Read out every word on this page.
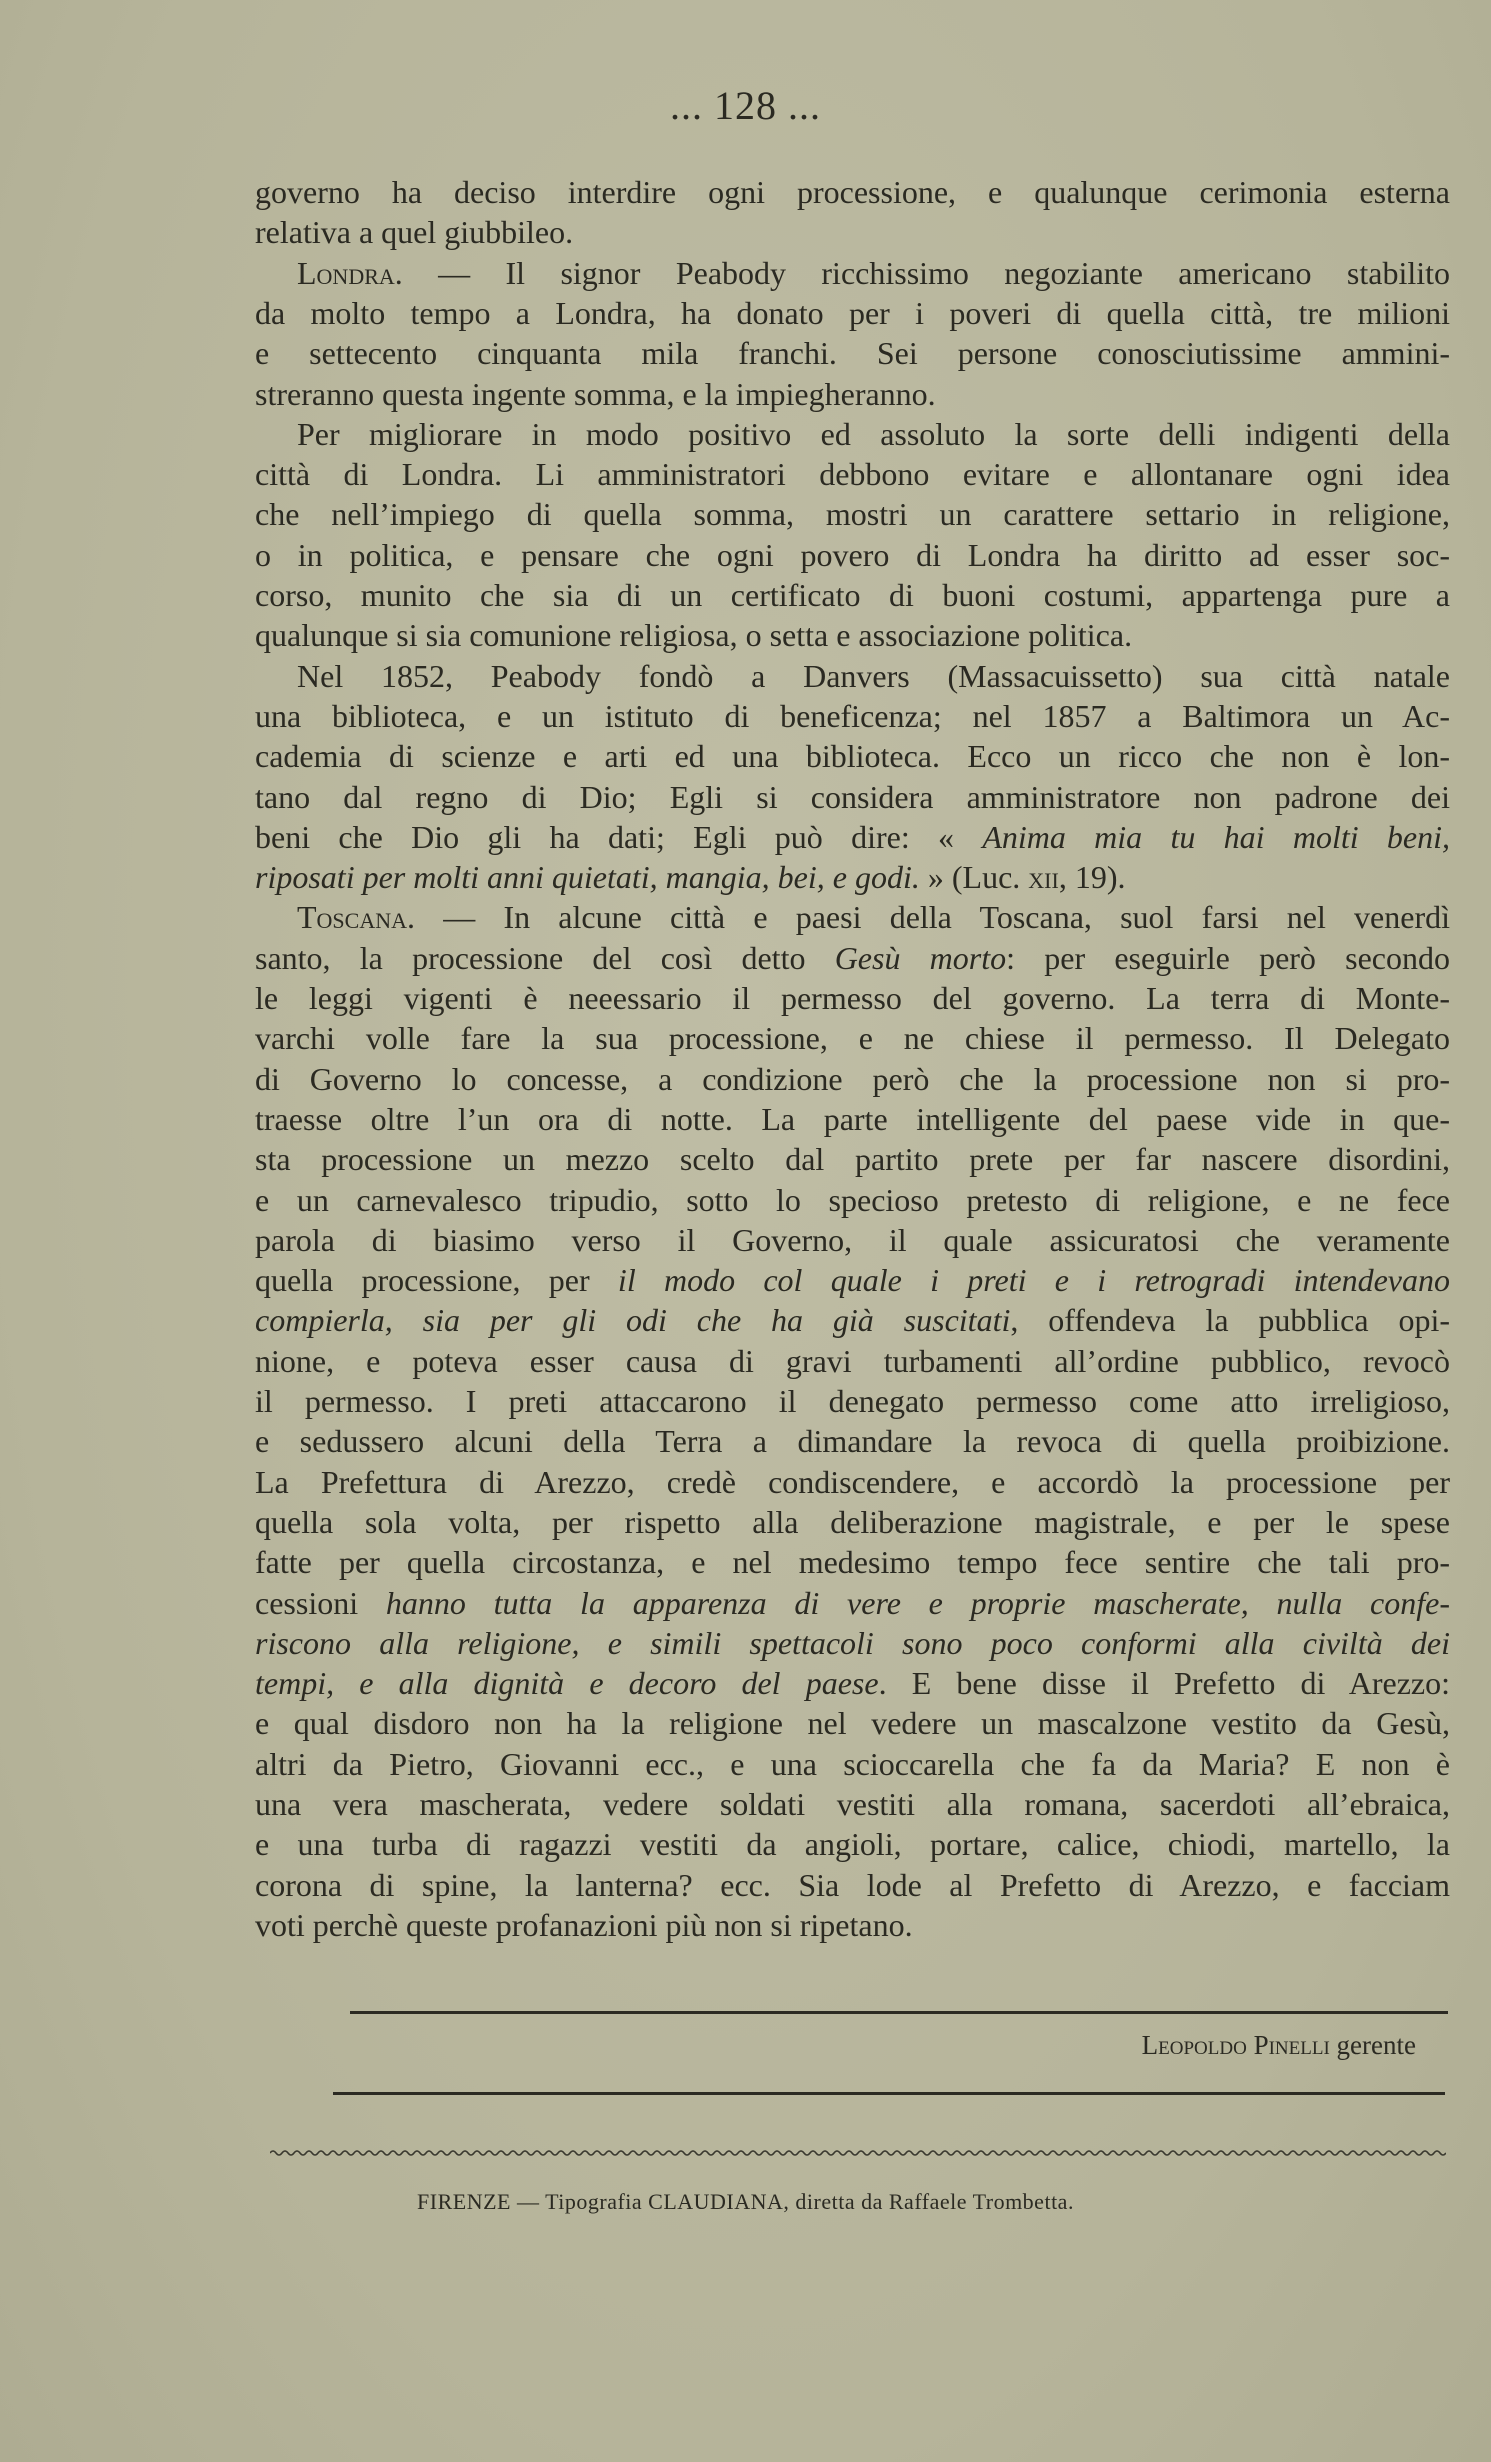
... 128 ...
governo ha deciso interdire ogni processione, e qualunque cerimonia esterna
relativa a quel giubbileo.
Londra. — Il signor Peabody ricchissimo negoziante americano stabilito
da molto tempo a Londra, ha donato per i poveri di quella città, tre milioni
e settecento cinquanta mila franchi. Sei persone conosciutissime ammini-
streranno questa ingente somma, e la impiegheranno.
Per migliorare in modo positivo ed assoluto la sorte delli indigenti della
città di Londra. Li amministratori debbono evitare e allontanare ogni idea
che nell’impiego di quella somma, mostri un carattere settario in religione,
o in politica, e pensare che ogni povero di Londra ha diritto ad esser soc-
corso, munito che sia di un certificato di buoni costumi, appartenga pure a
qualunque si sia comunione religiosa, o setta e associazione politica.
Nel 1852, Peabody fondò a Danvers (Massacuissetto) sua città natale
una biblioteca, e un istituto di beneficenza; nel 1857 a Baltimora un Ac-
cademia di scienze e arti ed una biblioteca. Ecco un ricco che non è lon-
tano dal regno di Dio; Egli si considera amministratore non padrone dei
beni che Dio gli ha dati; Egli può dire: « Anima mia tu hai molti beni,
riposati per molti anni quietati, mangia, bei, e godi. » (Luc. xii, 19).
Toscana. — In alcune città e paesi della Toscana, suol farsi nel venerdì
santo, la processione del così detto Gesù morto: per eseguirle però secondo
le leggi vigenti è neeessario il permesso del governo. La terra di Monte-
varchi volle fare la sua processione, e ne chiese il permesso. Il Delegato
di Governo lo concesse, a condizione però che la processione non si pro-
traesse oltre l’un ora di notte. La parte intelligente del paese vide in que-
sta processione un mezzo scelto dal partito prete per far nascere disordini,
e un carnevalesco tripudio, sotto lo specioso pretesto di religione, e ne fece
parola di biasimo verso il Governo, il quale assicuratosi che veramente
quella processione, per il modo col quale i preti e i retrogradi intendevano
compierla, sia per gli odi che ha già suscitati, offendeva la pubblica opi-
nione, e poteva esser causa di gravi turbamenti all’ordine pubblico, revocò
il permesso. I preti attaccarono il denegato permesso come atto irreligioso,
e sedussero alcuni della Terra a dimandare la revoca di quella proibizione.
La Prefettura di Arezzo, credè condiscendere, e accordò la processione per
quella sola volta, per rispetto alla deliberazione magistrale, e per le spese
fatte per quella circostanza, e nel medesimo tempo fece sentire che tali pro-
cessioni hanno tutta la apparenza di vere e proprie mascherate, nulla confe-
riscono alla religione, e simili spettacoli sono poco conformi alla civiltà dei
tempi, e alla dignità e decoro del paese. E bene disse il Prefetto di Arezzo:
e qual disdoro non ha la religione nel vedere un mascalzone vestito da Gesù,
altri da Pietro, Giovanni ecc., e una scioccarella che fa da Maria? E non è
una vera mascherata, vedere soldati vestiti alla romana, sacerdoti all’ebraica,
e una turba di ragazzi vestiti da angioli, portare, calice, chiodi, martello, la
corona di spine, la lanterna? ecc. Sia lode al Prefetto di Arezzo, e facciam
voti perchè queste profanazioni più non si ripetano.
Leopoldo Pinelli gerente
FIRENZE — Tipografia CLAUDIANA, diretta da Raffaele Trombetta.
